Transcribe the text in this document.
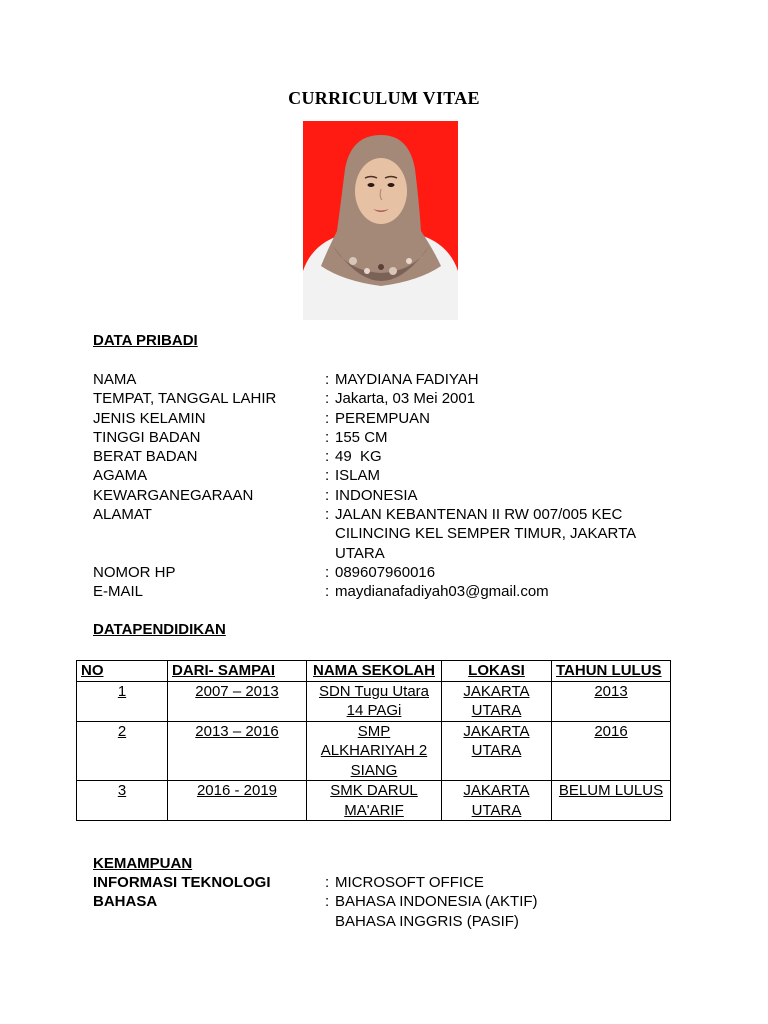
CURRICULUM VITAE
DATA PRIBADI
NAMA	: MAYDIANA FADIYAH
TEMPAT, TANGGAL LAHIR	: Jakarta, 03 Mei 2001
JENIS KELAMIN	: PEREMPUAN
TINGGI BADAN	: 155 CM
BERAT BADAN	: 49  KG
AGAMA	: ISLAM
KEWARGANEGARAAN	: INDONESIA
ALAMAT	: JALAN KEBANTENAN II RW 007/005 KEC CILINCING KEL SEMPER TIMUR, JAKARTA UTARA
NOMOR HP	: 089607960016
E-MAIL	: maydianafadiyah03@gmail.com
DATAPENDIDIKAN
NO	DARI- SAMPAI	NAMA SEKOLAH	LOKASI	TAHUN LULUS
1	2007 – 2013	SDN Tugu Utara 14 PAGi	JAKARTA UTARA	2013
2	2013 – 2016	SMP ALKHARIYAH 2 SIANG	JAKARTA UTARA	2016
3	2016 - 2019	SMK DARUL MA'ARIF	JAKARTA UTARA	BELUM LULUS
KEMAMPUAN
INFORMASI TEKNOLOGI	: MICROSOFT OFFICE
BAHASA	: BAHASA INDONESIA (AKTIF)
BAHASA INGGRIS (PASIF)
